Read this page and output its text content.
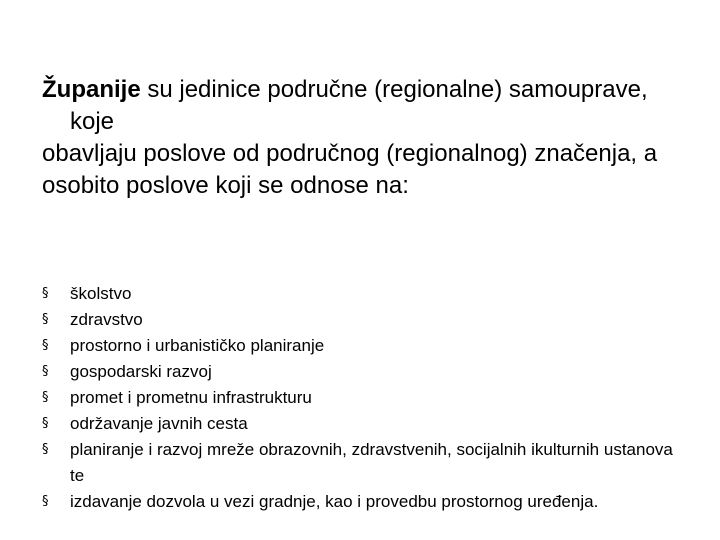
Županije su jedinice područne (regionalne) samouprave, koje

obavljaju poslove od područnog (regionalnog) značenja, a

osobito poslove koji se odnose na:

§	školstvo
§	zdravstvo
§	prostorno i urbanističko planiranje
§	gospodarski razvoj
§	promet i prometnu infrastrukturu
§	održavanje javnih cesta
§	planiranje i razvoj mreže obrazovnih, zdravstvenih, socijalnih ikulturnih ustanova te
§	izdavanje dozvola u vezi gradnje, kao i provedbu prostornog uređenja.
